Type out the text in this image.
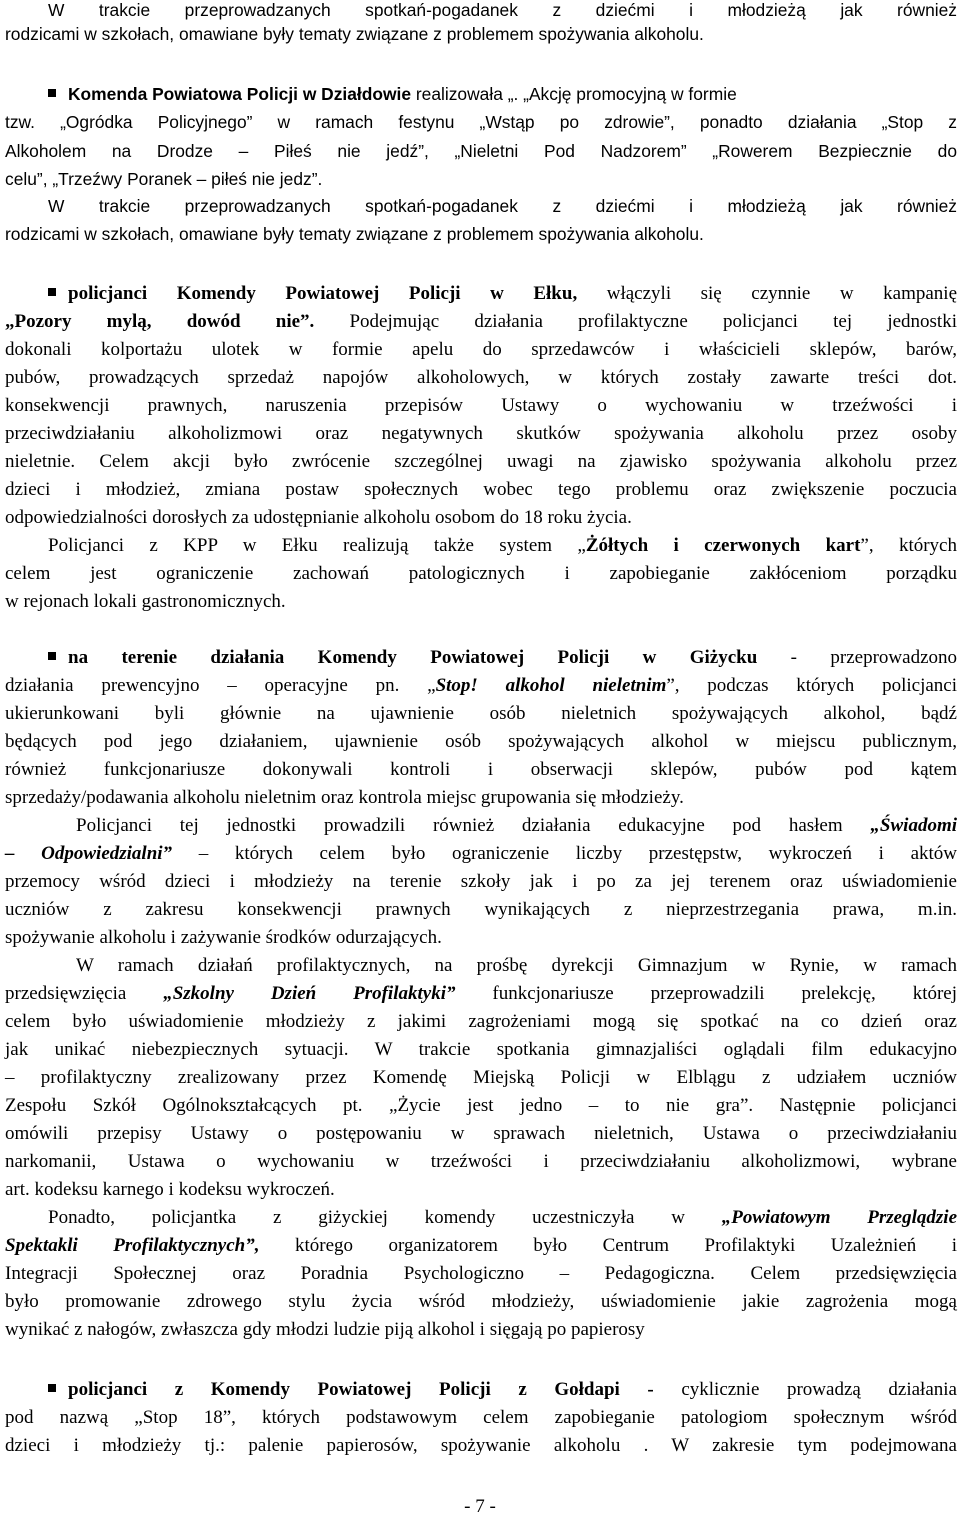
W trakcie przeprowadzanych spotkań-pogadanek z dziećmi i młodzieżą jak również
rodzicami w szkołach, omawiane były tematy związane z problemem spożywania alkoholu.
Komenda Powiatowa Policji w Działdowie realizowała „. „Akcję promocyjną w formie
tzw. „Ogródka Policyjnego” w ramach festynu „Wstąp po zdrowie”, ponadto działania „Stop z
Alkoholem na Drodze – Piłeś nie jedź”, „Nieletni Pod Nadzorem” „Rowerem Bezpiecznie do
celu”, „Trzeźwy Poranek – piłeś nie jedz”.
W trakcie przeprowadzanych spotkań-pogadanek z dziećmi i młodzieżą jak również
rodzicami w szkołach, omawiane były tematy związane z problemem spożywania alkoholu.
policjanci Komendy Powiatowej Policji w Ełku, włączyli się czynnie w kampanię
„Pozory mylą, dowód nie”. Podejmując działania profilaktyczne policjanci tej jednostki
dokonali kolportażu ulotek w formie apelu do sprzedawców i właścicieli sklepów, barów,
pubów, prowadzących sprzedaż napojów alkoholowych, w których zostały zawarte treści dot.
konsekwencji prawnych, naruszenia przepisów Ustawy o wychowaniu w trzeźwości i
przeciwdziałaniu alkoholizmowi oraz negatywnych skutków spożywania alkoholu przez osoby
nieletnie. Celem akcji było zwrócenie szczególnej uwagi na zjawisko spożywania alkoholu przez
dzieci i młodzież, zmiana postaw społecznych wobec tego problemu oraz zwiększenie poczucia
odpowiedzialności dorosłych za udostępnianie alkoholu osobom do 18 roku życia.
Policjanci z KPP w Ełku realizują także system „Żółtych i czerwonych kart”, których
celem jest ograniczenie zachowań patologicznych i zapobieganie zakłóceniom porządku
w rejonach lokali gastronomicznych.
na terenie działania Komendy Powiatowej Policji w Giżycku - przeprowadzono
działania prewencyjno – operacyjne pn. „Stop! alkohol nieletnim”, podczas których policjanci
ukierunkowani byli głównie na ujawnienie osób nieletnich spożywających alkohol, bądź
będących pod jego działaniem, ujawnienie osób spożywających alkohol w miejscu publicznym,
również funkcjonariusze dokonywali kontroli i obserwacji sklepów, pubów pod kątem
sprzedaży/podawania alkoholu nieletnim oraz kontrola miejsc grupowania się młodzieży.
Policjanci tej jednostki prowadzili również działania edukacyjne pod hasłem „Świadomi
– Odpowiedzialni” – których celem było ograniczenie liczby przestępstw, wykroczeń i aktów
przemocy wśród dzieci i młodzieży na terenie szkoły jak i po za jej terenem oraz uświadomienie
uczniów z zakresu konsekwencji prawnych wynikających z nieprzestrzegania prawa, m.in.
spożywanie alkoholu i zażywanie środków odurzających.
W ramach działań profilaktycznych, na prośbę dyrekcji Gimnazjum w Rynie, w ramach
przedsięwzięcia „Szkolny Dzień Profilaktyki” funkcjonariusze przeprowadzili prelekcję, której
celem było uświadomienie młodzieży z jakimi zagrożeniami mogą się spotkać na co dzień oraz
jak unikać niebezpiecznych sytuacji. W trakcie spotkania gimnazjaliści oglądali film edukacyjno
– profilaktyczny zrealizowany przez Komendę Miejską Policji w Elblągu z udziałem uczniów
Zespołu Szkół Ogólnokształcących pt. „Życie jest jedno – to nie gra”. Następnie policjanci
omówili przepisy Ustawy o postępowaniu w sprawach nieletnich, Ustawa o przeciwdziałaniu
narkomanii, Ustawa o wychowaniu w trzeźwości i przeciwdziałaniu alkoholizmowi, wybrane
art. kodeksu karnego i kodeksu wykroczeń.
Ponadto, policjantka z giżyckiej komendy uczestniczyła w „Powiatowym Przeglądzie
Spektakli Profilaktycznych”, którego organizatorem było Centrum Profilaktyki Uzależnień i
Integracji Społecznej oraz Poradnia Psychologiczno – Pedagogiczna. Celem przedsięwzięcia
było promowanie zdrowego stylu życia wśród młodzieży, uświadomienie jakie zagrożenia mogą
wynikać z nałogów, zwłaszcza gdy młodzi ludzie piją alkohol i sięgają po papierosy
policjanci z Komendy Powiatowej Policji z Gołdapi - cyklicznie prowadzą działania
pod nazwą „Stop 18”, których podstawowym celem zapobieganie patologiom społecznym wśród
dzieci i młodzieży tj.: palenie papierosów, spożywanie alkoholu . W zakresie tym podejmowana
- 7 -
